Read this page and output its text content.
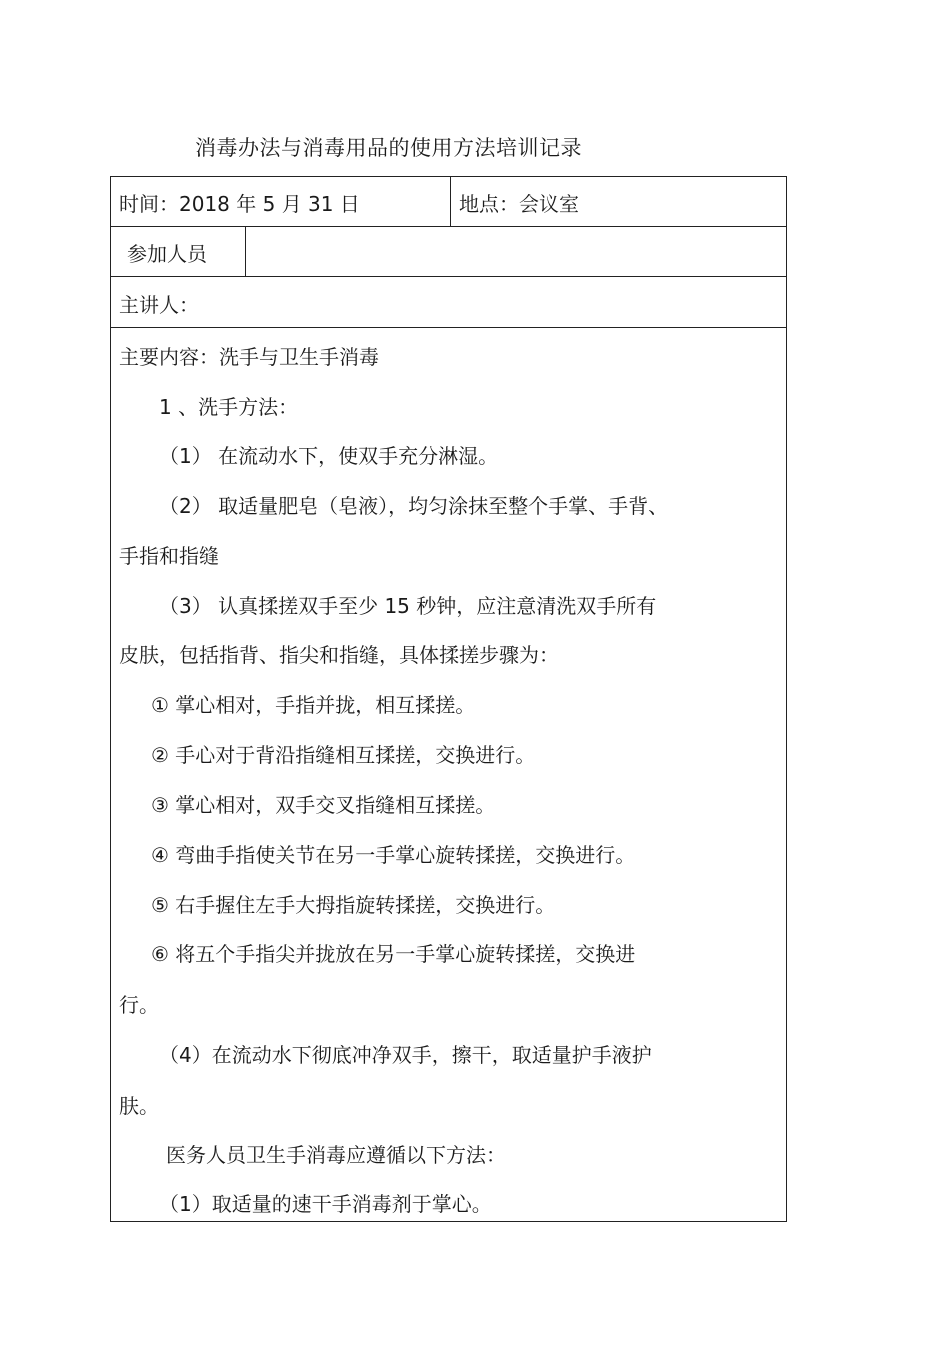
消毒办法与消毒用品的使用方法培训记录
时间：2018 年 5 月 31 日	地点：会议室
参加人员
主讲人：
主要内容：洗手与卫生手消毒
1 、洗手方法：
（1） 在流动水下，使双手充分淋湿。
（2） 取适量肥皂（皂液），均匀涂抹至整个手掌、手背、
手指和指缝
（3） 认真揉搓双手至少 15 秒钟，应注意清洗双手所有
皮肤，包括指背、指尖和指缝，具体揉搓步骤为：
① 掌心相对，手指并拢，相互揉搓。
② 手心对于背沿指缝相互揉搓，交换进行。
③ 掌心相对，双手交叉指缝相互揉搓。
④ 弯曲手指使关节在另一手掌心旋转揉搓，交换进行。
⑤ 右手握住左手大拇指旋转揉搓，交换进行。
⑥ 将五个手指尖并拢放在另一手掌心旋转揉搓，交换进
行。
（4）在流动水下彻底冲净双手，擦干，取适量护手液护
肤。
医务人员卫生手消毒应遵循以下方法：
（1）取适量的速干手消毒剂于掌心。
